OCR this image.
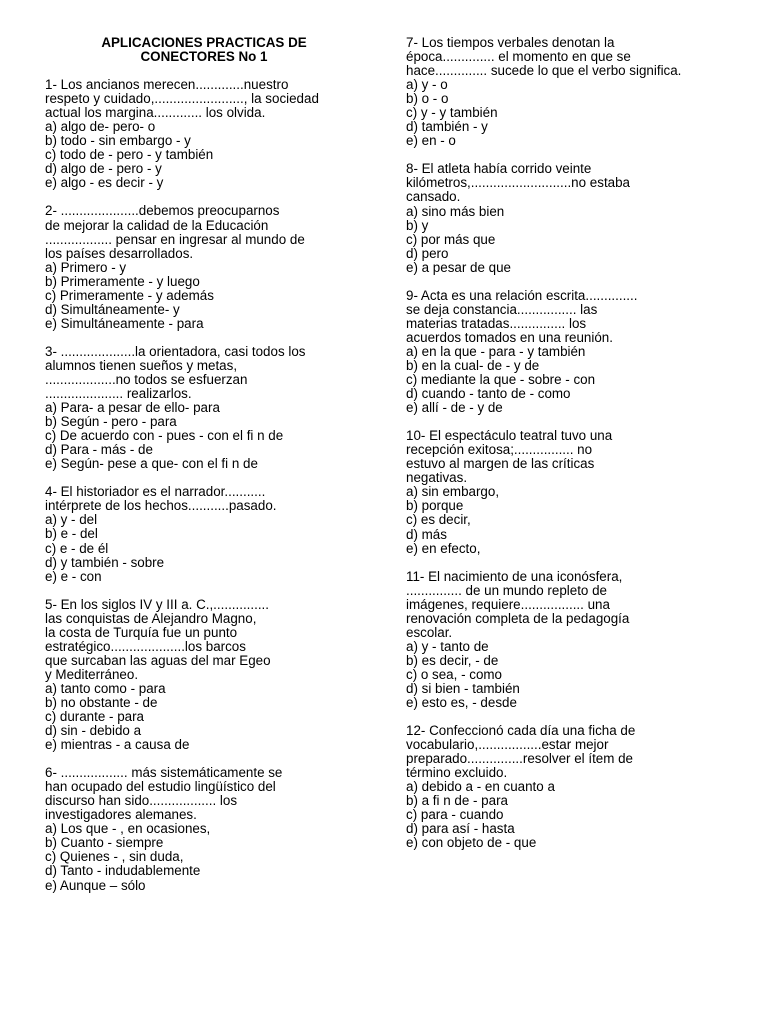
APLICACIONES PRACTICAS DE
CONECTORES No 1
1- Los ancianos merecen.............nuestro
respeto y cuidado,........................, la sociedad
actual los margina............. los olvida.
a) algo de- pero- o
b) todo - sin embargo - y
c) todo de - pero - y también
d) algo de - pero - y
e) algo - es decir - y
2- .....................debemos preocuparnos
de mejorar la calidad de la Educación
.................. pensar en ingresar al mundo de
los países desarrollados.
a) Primero - y
b) Primeramente - y luego
c) Primeramente - y además
d) Simultáneamente- y
e) Simultáneamente - para
3- ....................la orientadora, casi todos los
alumnos tienen sueños y metas,
...................no todos se esfuerzan
..................... realizarlos.
a) Para- a pesar de ello- para
b) Según - pero - para
c) De acuerdo con - pues - con el fi n de
d) Para - más - de
e) Según- pese a que- con el fi n de
4- El historiador es el narrador...........
intérprete de los hechos...........pasado.
a) y - del
b) e - del
c) e - de él
d) y también - sobre
e) e - con
5- En los siglos IV y III a. C.,...............
las conquistas de Alejandro Magno,
la costa de Turquía fue un punto
estratégico....................los barcos
que surcaban las aguas del mar Egeo
y Mediterráneo.
a) tanto como - para
b) no obstante - de
c) durante - para
d) sin - debido a
e) mientras - a causa de
6- .................. más sistemáticamente se
han ocupado del estudio lingüístico del
discurso han sido.................. los
investigadores alemanes.
a) Los que - , en ocasiones,
b) Cuanto - siempre
c) Quienes - , sin duda,
d) Tanto - indudablemente
e) Aunque – sólo
7- Los tiempos verbales denotan la
época.............. el momento en que se
hace.............. sucede lo que el verbo significa.
a) y - o
b) o - o
c) y - y también
d) también - y
e) en - o
8- El atleta había corrido veinte
kilómetros,...........................no estaba
cansado.
a) sino más bien
b) y
c) por más que
d) pero
e) a pesar de que
9- Acta es una relación escrita..............
se deja constancia................ las
materias tratadas............... los
acuerdos tomados en una reunión.
a) en la que - para - y también
b) en la cual- de - y de
c) mediante la que - sobre - con
d) cuando - tanto de - como
e) allí - de - y de
10- El espectáculo teatral tuvo una
recepción exitosa;................ no
estuvo al margen de las críticas
negativas.
a) sin embargo,
b) porque
c) es decir,
d) más
e) en efecto,
11- El nacimiento de una iconósfera,
............... de un mundo repleto de
imágenes, requiere................. una
renovación completa de la pedagogía
escolar.
a) y - tanto de
b) es decir, - de
c) o sea, - como
d) si bien - también
e) esto es, - desde
12- Confeccionó cada día una ficha de
vocabulario,.................estar mejor
preparado...............resolver el ítem de
término excluido.
a) debido a - en cuanto a
b) a fi n de - para
c) para - cuando
d) para así - hasta
e) con objeto de - que
